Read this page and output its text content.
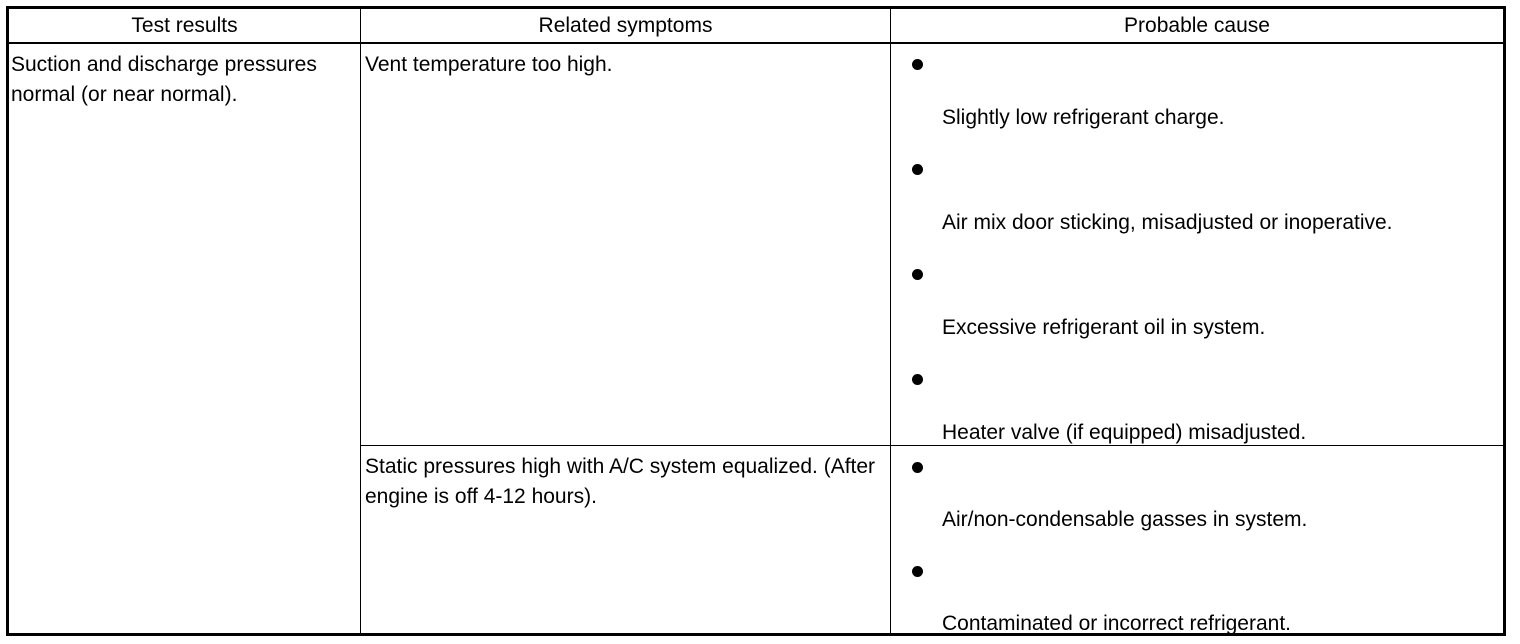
Test results	Related symptoms	Probable cause
Suction and discharge pressures normal (or near normal).
Vent temperature too high.
Slightly low refrigerant charge.
Air mix door sticking, misadjusted or inoperative.
Excessive refrigerant oil in system.
Heater valve (if equipped) misadjusted.
Static pressures high with A/C system equalized. (After engine is off 4-12 hours).
Air/non-condensable gasses in system.
Contaminated or incorrect refrigerant.
